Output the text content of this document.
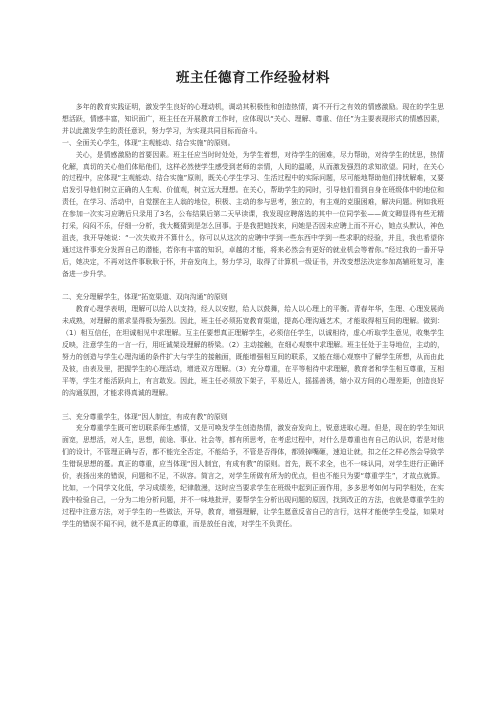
班主任德育工作经验材料

多年的教育实践证明，激发学生良好的心理动机，调动其积极性和创造热情，离不开行之有效的情感激励。现在的学生思想活跃，情感丰富，知识面广，班主任在开展教育工作时，应体现以“关心、理解、尊重、信任”为主要表现形式的情感因素，并以此激发学生的责任意识，努力学习，为实现共同目标而奋斗。

一、全面关心学生，体现“主观能动、结合实施”的原则。

关心，是情感激励的首要因素。班主任应当时时处处，为学生着想，对待学生的困难，尽力帮助，对待学生的忧思，热情化解，真切的关心他们体贴他们，这样必然使学生感受到老师的亲情，人间的温暖，从而激发强烈的求知欲望。同时，在关心的过程中，应体现“主观能动、结合实施”原则，既关心学生学习、生活过程中的实际问题，尽可能地帮助他们排忧解难，又要启发引导他们树立正确的人生观、价值观，树立远大理想。在关心，帮助学生的同时，引导他们看到自身在班级体中的地位和责任，在学习、活动中，自觉摆在主人翁的地位，积极、主动的参与思考，独立的，有主观的克服困难，解决问题。例如我班在参加一次实习应聘后只录用了3名，公布结果后第二天早读课，我发现应聘落选的其中一位同学张——黄文卿显得有些无精打采，闷闷不乐，仔细一分析，我大概猜到是怎么回事。于是我把她找来，问她是否因未应聘上而不开心，她点头默认，神色沮丧，我开导她说：“一次失败并不算什么，你可以从这次的应聘中学到一些东西中学到一些求职的经验，并且，我也希望你通过这件事充分发挥自己的潜能，若你有丰富的知识，卓越的才能，将来必然会有更好的就业机会等着你。”经过我的一番开导后，她决定，不再对这件事耿耿于怀，并奋发向上，努力学习，取得了计算机一级证书，并改变想法决定参加高辅班复习，准备进一步升学。

二、充分理解学生，体现“拓宽渠道、双向沟通”的原则

教育心理学表明，理解可以给人以支持，经人以安慰，给人以鼓舞，给人以心理上的平衡。青春年华，生理、心理发展尚未成熟，对理解的需求显得极为强烈。因此，班主任必须拓宽教育渠道，提高心理沟通艺术，才能取得相互间的理解。做到：（1）相互信任，在坦诚相见中求理解。互主任要想真正理解学生，必须信任学生，以诚相待，虚心听取学生意见，收集学生反映，注意学生的一言一行，用旺诚架设理解的桥梁。（2）主动接触，在细心观察中求理解。班主任处于主导地位，主动的，努力的创造与学生心理沟通的条件扩大与学生的接触面，既能增强相互间的联系，又能在细心观察中了解学生所想，从而由此及彼，由表及里，把握学生的心理活动，增进双方理解。（3）充分尊重，在平等相待中求理解，教育者和学生相互尊重，互相平等，学生才能活跃向上，有言敢发。因此，班主任必须放下架子，平易近人，摇摇善诱，缩小双方间的心理差距，创造良好的沟通氛围，才能求得真诚的理解。

三、充分尊重学生，体现“因人制宜，有成有教”的原则

充分尊重学生既可密切联系师生感情，又是可唤发学生创造热情，激发奋发向上，锐意进取心理。但是，现在的学生知识面宽，思想活，对人生，思想，前途、事业、社会等，都有所思考，在考虑过程中，对什么是尊重也有自己的认识，若是对他们的设计，不管理正确与否，都不能完全否定，不能给予，不管是否得体，都毁掉嘴砸，速迫让就，扣之任之样必然会导致学生错误思想的蔓。真正的尊重，应当体现“因人制宜，有成有教”的原则。首先，既不求全，也不一味认同，对学生进行正确评价，表扬出来的错误，问题和不足，不纵容。简言之，对学生所做有所为的优点，但也不能只为要“尊重学生”，才故点就算。比如，一个同学文化低，学习成绩差，纪律散漫，这时应当要求学生在班级中起到正面作用，多多思考如何与同学相处，在实践中检验自己，一分为二地分析问题，并不一味地批评，要帮学生分析出现问题的原因，找到改正的方法，也就是尊重学生的过程中注意方法，对于学生的一些做法，开导，教育，增强理解，让学生愿意反省自己的言行，这样才能使学生受益，如果对学生的错误不闻不问，就不是真正的尊重，而是放任自流，对学生不负责任。
